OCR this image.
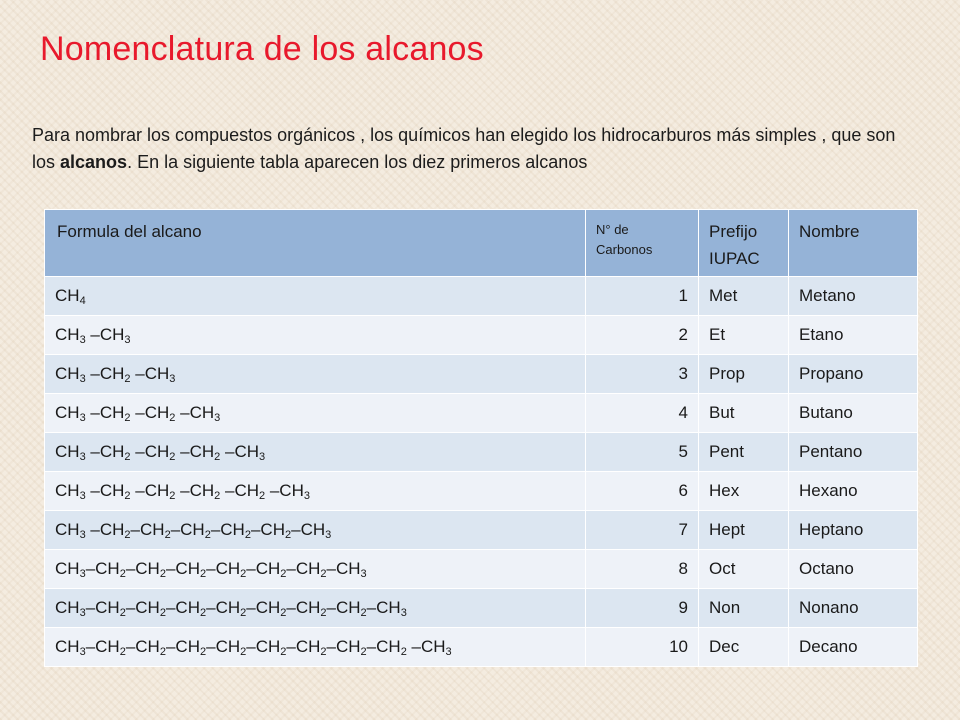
Nomenclatura de los alcanos

Para nombrar los compuestos orgánicos , los químicos han elegido los hidrocarburos más simples , que son los alcanos. En la siguiente tabla aparecen los diez primeros alcanos

Formula del alcano	N° de Carbonos	Prefijo IUPAC	Nombre
$CH_4$	1	Met	Metano
$CH_3$ $-CH_3$	2	Et	Etano
$CH_3$ $-CH_2$ $-CH_3$	3	Prop	Propano
$CH_3$ $-CH_2$ $-CH_2$ $-CH_3$	4	But	Butano
$CH_3$ $-CH_2$ $-CH_2$ $-CH_2$ $-CH_3$	5	Pent	Pentano
$CH_3$ $-CH_2$ $-CH_2$ $-CH_2$ $-CH_2$ $-CH_3$	6	Hex	Hexano
$CH_3$ $-CH_2-CH_2-CH_2-CH_2-CH_2-CH_3$	7	Hept	Heptano
$CH_3-CH_2-CH_2-CH_2-CH_2-CH_2-CH_2-CH_3$	8	Oct	Octano
$CH_3-CH_2-CH_2-CH_2-CH_2-CH_2-CH_2-CH_2-CH_3$	9	Non	Nonano
$CH_3-CH_2-CH_2-CH_2-CH_2-CH_2-CH_2-CH_2-CH_2$ $-CH_3$	10	Dec	Decano
